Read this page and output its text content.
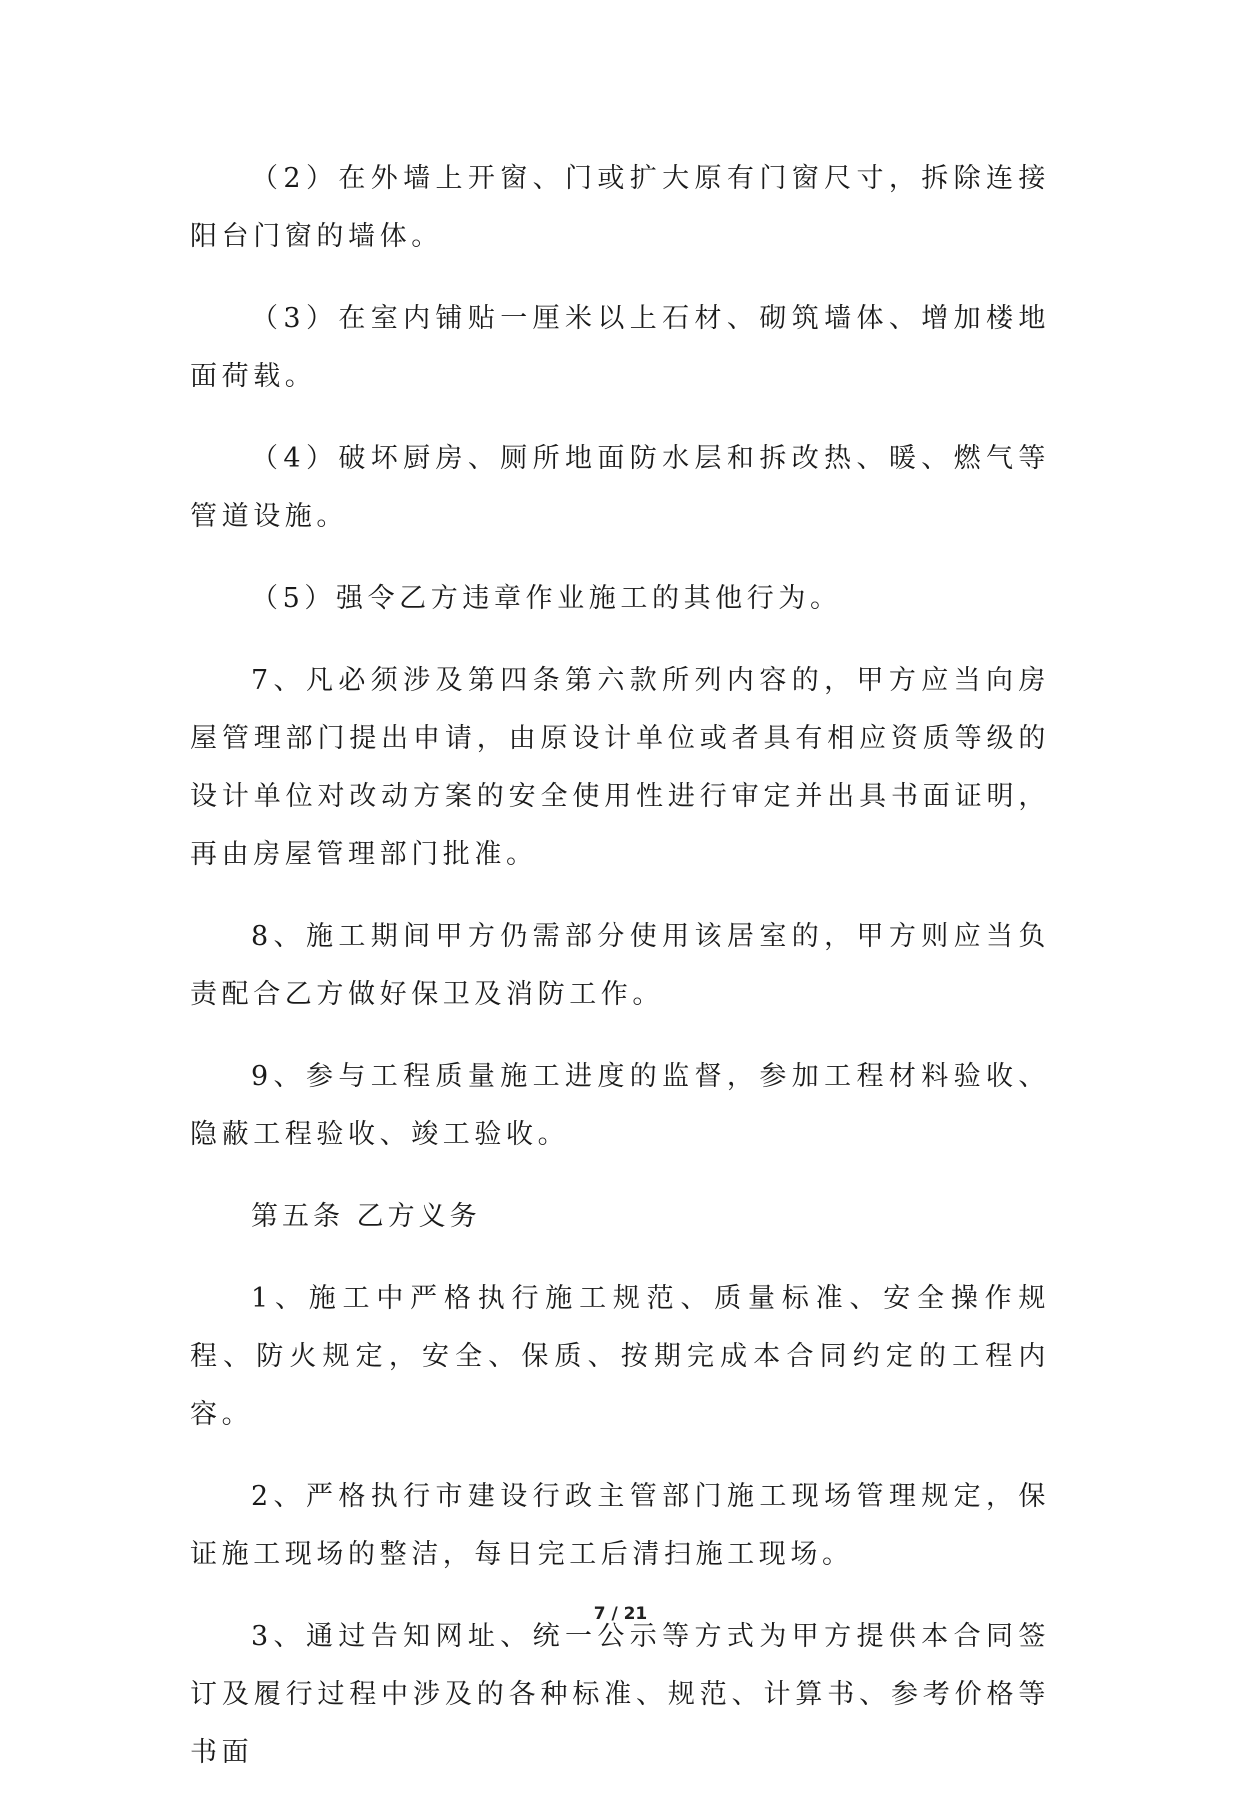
（2）在外墙上开窗、门或扩大原有门窗尺寸，拆除连接阳台门窗的墙体。

（3）在室内铺贴一厘米以上石材、砌筑墙体、增加楼地面荷载。

（4）破坏厨房、厕所地面防水层和拆改热、暖、燃气等管道设施。

（5）强令乙方违章作业施工的其他行为。

7、凡必须涉及第四条第六款所列内容的，甲方应当向房屋管理部门提出申请，由原设计单位或者具有相应资质等级的设计单位对改动方案的安全使用性进行审定并出具书面证明，再由房屋管理部门批准。

8、施工期间甲方仍需部分使用该居室的，甲方则应当负责配合乙方做好保卫及消防工作。

9、参与工程质量施工进度的监督，参加工程材料验收、隐蔽工程验收、竣工验收。

第五条 乙方义务

1、施工中严格执行施工规范、质量标准、安全操作规程、防火规定，安全、保质、按期完成本合同约定的工程内容。

2、严格执行市建设行政主管部门施工现场管理规定，保证施工现场的整洁，每日完工后清扫施工现场。

3、通过告知网址、统一公示等方式为甲方提供本合同签订及履行过程中涉及的各种标准、规范、计算书、参考价格等书面

7 / 21
